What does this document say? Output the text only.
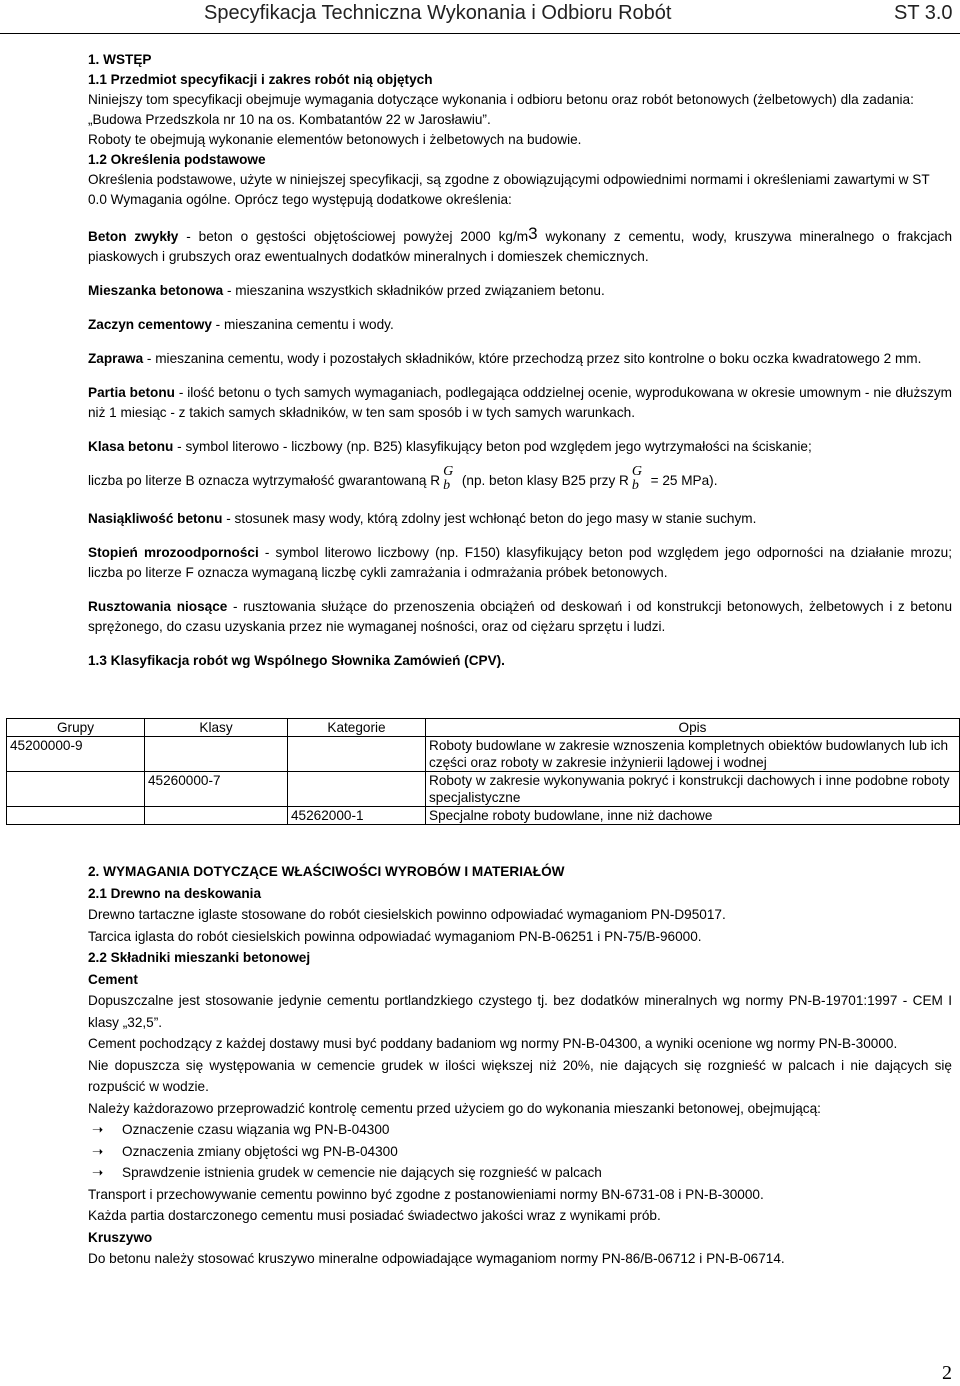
Specyfikacja Techniczna Wykonania i Odbioru Robót	ST 3.0

1. WSTĘP

1.1 Przedmiot specyfikacji i zakres robót nią objętych

Niniejszy tom specyfikacji obejmuje wymagania dotyczące wykonania i odbioru betonu oraz robót betonowych (żelbetowych) dla zadania: „Budowa Przedszkola nr 10 na os. Kombatantów 22 w Jarosławiu”.

Roboty te obejmują wykonanie elementów betonowych i żelbetowych na budowie.

1.2 Określenia podstawowe

Określenia podstawowe, użyte w niniejszej specyfikacji, są zgodne z obowiązującymi odpowiednimi normami i określeniami zawartymi w ST 0.0 Wymagania ogólne. Oprócz tego występują dodatkowe określenia:

Beton zwykły - beton o gęstości objętościowej powyżej 2000 kg/m3 wykonany z cementu, wody, kruszywa mineralnego o frakcjach piaskowych i grubszych oraz ewentualnych dodatków mineralnych i domieszek chemicznych.

Mieszanka betonowa - mieszanina wszystkich składników przed związaniem betonu.

Zaczyn cementowy - mieszanina cementu i wody.

Zaprawa - mieszanina cementu, wody i pozostałych składników, które przechodzą przez sito kontrolne o boku oczka kwadratowego 2 mm.

Partia betonu - ilość betonu o tych samych wymaganiach, podlegająca oddzielnej ocenie, wyprodukowana w okresie umownym - nie dłuższym niż 1 miesiąc - z takich samych składników, w ten sam sposób i w tych samych warunkach.

Klasa betonu - symbol literowo - liczbowy (np. B25) klasyfikujący beton pod względem jego wytrzymałości na ściskanie;

liczba po literze B oznacza wytrzymałość gwarantowaną R
G
b (np. beton klasy B25 przy R
G
b = 25 MPa).

Nasiąkliwość betonu - stosunek masy wody, którą zdolny jest wchłonąć beton do jego masy w stanie suchym.

Stopień mrozoodporności - symbol literowo liczbowy (np. F150) klasyfikujący beton pod względem jego odporności na działanie mrozu; liczba po literze F oznacza wymaganą liczbę cykli zamrażania i odmrażania próbek betonowych.

Rusztowania niosące - rusztowania służące do przenoszenia obciążeń od deskowań i od konstrukcji betonowych, żelbetowych i z betonu sprężonego, do czasu uzyskania przez nie wymaganej nośności, oraz od ciężaru sprzętu i ludzi.

1.3 Klasyfikacja robót wg Wspólnego Słownika Zamówień (CPV).

Grupy	Klasy	Kategorie	Opis
45200000-9			Roboty budowlane w zakresie wznoszenia kompletnych obiektów budowlanych lub ich części oraz roboty w zakresie inżynierii lądowej i wodnej
	45260000-7		Roboty w zakresie wykonywania pokryć i konstrukcji dachowych i inne podobne roboty specjalistyczne
		45262000-1	Specjalne roboty budowlane, inne niż dachowe

2. WYMAGANIA DOTYCZĄCE WŁAŚCIWOŚCI WYROBÓW I MATERIAŁÓW

2.1 Drewno na deskowania

Drewno tartaczne iglaste stosowane do robót ciesielskich powinno odpowiadać wymaganiom PN-D95017.

Tarcica iglasta do robót ciesielskich powinna odpowiadać wymaganiom PN-B-06251 i PN-75/B-96000.

2.2 Składniki mieszanki betonowej

Cement

Dopuszczalne jest stosowanie jedynie cementu portlandzkiego czystego tj. bez dodatków mineralnych wg normy PN-B-19701:1997 - CEM I klasy „32,5”.

Cement pochodzący z każdej dostawy musi być poddany badaniom wg normy PN-B-04300, a wyniki ocenione wg normy PN-B-30000.

Nie dopuszcza się występowania w cemencie grudek w ilości większej niż 20%, nie dających się rozgnieść w palcach i nie dających się rozpuścić w wodzie.

Należy każdorazowo przeprowadzić kontrolę cementu przed użyciem go do wykonania mieszanki betonowej, obejmującą:

➝ Oznaczenie czasu wiązania wg PN-B-04300

➝ Oznaczenia zmiany objętości wg PN-B-04300

➝ Sprawdzenie istnienia grudek w cemencie nie dających się rozgnieść w palcach

Transport i przechowywanie cementu powinno być zgodne z postanowieniami normy BN-6731-08 i PN-B-30000.

Każda partia dostarczonego cementu musi posiadać świadectwo jakości wraz z wynikami prób.

Kruszywo

Do betonu należy stosować kruszywo mineralne odpowiadające wymaganiom normy PN-86/B-06712 i PN-B-06714.

2
